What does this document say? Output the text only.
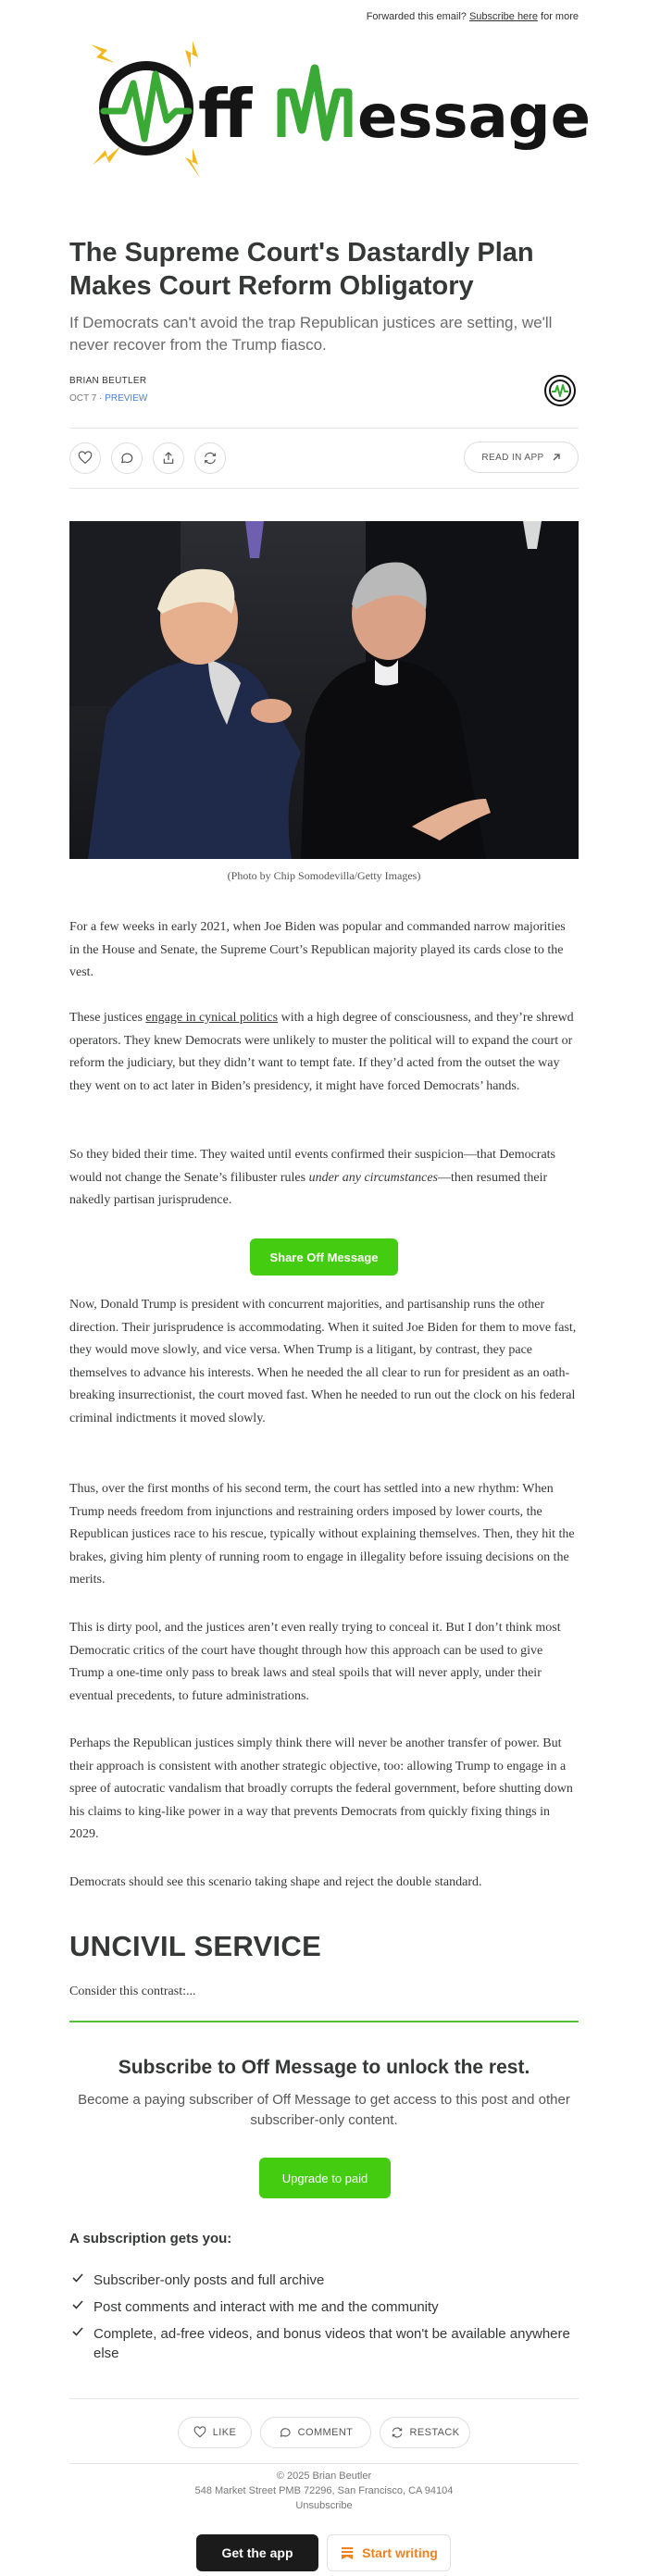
Forwarded this email? Subscribe here for more
ff essage
The Supreme Court's Dastardly Plan Makes Court Reform Obligatory
If Democrats can't avoid the trap Republican justices are setting, we'll never recover from the Trump fiasco.
BRIAN BEUTLER
OCT 7 · PREVIEW
READ IN APP
(Photo by Chip Somodevilla/Getty Images)

For a few weeks in early 2021, when Joe Biden was popular and commanded narrow majorities in the House and Senate, the Supreme Court’s Republican majority played its cards close to the vest.

These justices engage in cynical politics with a high degree of consciousness, and they’re shrewd operators. They knew Democrats were unlikely to muster the political will to expand the court or reform the judiciary, but they didn’t want to tempt fate. If they’d acted from the outset the way they went on to act later in Biden’s presidency, it might have forced Democrats’ hands.

So they bided their time. They waited until events confirmed their suspicion—that Democrats would not change the Senate’s filibuster rules under any circumstances—then resumed their nakedly partisan jurisprudence.

Share Off Message

Now, Donald Trump is president with concurrent majorities, and partisanship runs the other direction. Their jurisprudence is accommodating. When it suited Joe Biden for them to move fast, they would move slowly, and vice versa. When Trump is a litigant, by contrast, they pace themselves to advance his interests. When he needed the all clear to run for president as an oath-breaking insurrectionist, the court moved fast. When he needed to run out the clock on his federal criminal indictments it moved slowly.

Thus, over the first months of his second term, the court has settled into a new rhythm: When Trump needs freedom from injunctions and restraining orders imposed by lower courts, the Republican justices race to his rescue, typically without explaining themselves. Then, they hit the brakes, giving him plenty of running room to engage in illegality before issuing decisions on the merits.

This is dirty pool, and the justices aren’t even really trying to conceal it. But I don’t think most Democratic critics of the court have thought through how this approach can be used to give Trump a one-time only pass to break laws and steal spoils that will never apply, under their eventual precedents, to future administrations.

Perhaps the Republican justices simply think there will never be another transfer of power. But their approach is consistent with another strategic objective, too: allowing Trump to engage in a spree of autocratic vandalism that broadly corrupts the federal government, before shutting down his claims to king-like power in a way that prevents Democrats from quickly fixing things in 2029.

Democrats should see this scenario taking shape and reject the double standard.

UNCIVIL SERVICE

Consider this contrast:...

Subscribe to Off Message to unlock the rest.
Become a paying subscriber of Off Message to get access to this post and other subscriber-only content.
Upgrade to paid
A subscription gets you:
Subscriber-only posts and full archive
Post comments and interact with me and the community
Complete, ad-free videos, and bonus videos that won't be available anywhere else
LIKE	COMMENT	RESTACK
© 2025 Brian Beutler
548 Market Street PMB 72296, San Francisco, CA 94104
Unsubscribe
Get the app	Start writing
